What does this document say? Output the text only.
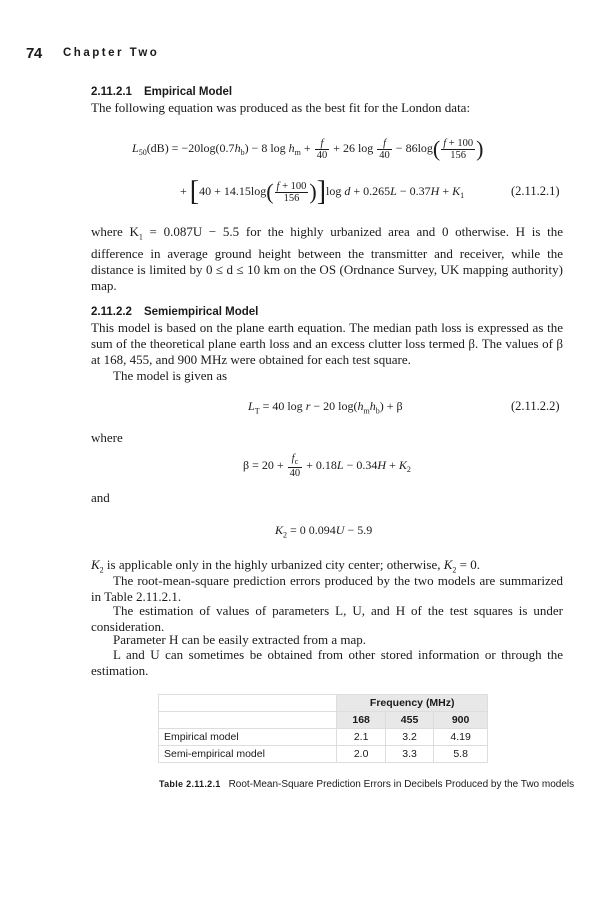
74 Chapter Two
2.11.2.1 Empirical Model
The following equation was produced as the best fit for the London data:
$L_{50}(dB) = -20\log(0.7h_b) - 8$ $\log h_m + \frac{f}{40} + 26$ $\log \frac{f}{40} - 86\log( \frac{f + 100}{156}$ )
+ $[40 + 14.15\log( \frac{f + 100}{156} )]\log$ $d + 0.265L - 0.37H + K_1$	(2.11.2.1)
where $K_1 = 0.087U - 5.5$ for the highly urbanized area and 0 otherwise. H is the difference in average ground height between the transmitter and receiver, while the distance is limited by 0 ≤ d ≤ 10 km on the OS (Ordnance Survey, UK mapping authority) map.
2.11.2.2 Semiempirical Model
This model is based on the plane earth equation. The median path loss is expressed as the sum of the theoretical plane earth loss and an excess clutter loss termed β. The values of β at 168, 455, and 900 MHz were obtained for each test square.
The model is given as
$L_T = 40$ log r − 20 $\log(h_mh_b) + \beta$	(2.11.2.2)
where
$\beta = 20 + \frac{f_c}{40} + 0.18L - 0.34H + K_2$
and
$K_2 = 0$ 0.094U − 5.9
$K_2$ is applicable only in the highly urbanized city center; otherwise, $K_2 = 0$.
The root-mean-square prediction errors produced by the two models are summarized in Table 2.11.2.1.
The estimation of values of parameters L, U, and H of the test squares is under consideration.
Parameter H can be easily extracted from a map.
L and U can sometimes be obtained from other stored information or through the estimation.
	Frequency (MHz)		
	168	455	900
Empirical model	2.1	3.2	4.19
Semi-empirical model	2.0	3.3	5.8
Table 2.11.2.1 Root-Mean-Square Prediction Errors in Decibels Produced by the Two models
